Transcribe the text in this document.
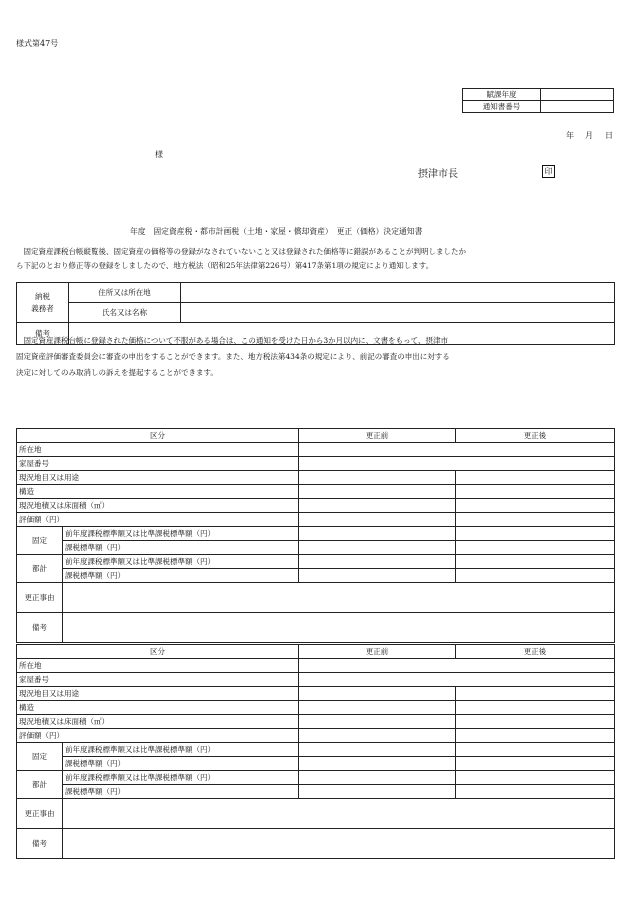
様式第47号
賦課年度	
通知書番号	
年 月 日
様
摂津市長	印
年度　固定資産税・都市計画税（土地・家屋・償却資産）　更正（価格）決定通知書
　固定資産課税台帳縦覧後、固定資産の価格等の登録がなされていないこと又は登録された価格等に錯誤があることが判明しましたか
ら下記のとおり修正等の登録をしましたので、地方税法（昭和25年法律第226号）第417条第1項の規定により通知します。
納税
義務者	住所又は所在地	
	氏名又は名称	
備考		
　固定資産課税台帳に登録された価格について不服がある場合は、この通知を受けた日から3か月以内に、文書をもって、摂津市
固定資産評価審査委員会に審査の申出をすることができます。また、地方税法第434条の規定により、前記の審査の申出に対する
決定に対してのみ取消しの訴えを提起することができます。
区分		更正前	更正後
所在地			
家屋番号			
現況地目又は用途			
構造			
現況地積又は床面積（㎡）			
評価額（円）			
固定	前年度課税標準額又は比準課税標準額（円）		
	課税標準額（円）		
都計	前年度課税標準額又は比準課税標準額（円）		
	課税標準額（円）		
更正事由			
備考			
区分		更正前	更正後
所在地			
家屋番号			
現況地目又は用途			
構造			
現況地積又は床面積（㎡）			
評価額（円）			
固定	前年度課税標準額又は比準課税標準額（円）		
	課税標準額（円）		
都計	前年度課税標準額又は比準課税標準額（円）		
	課税標準額（円）		
更正事由			
備考			
